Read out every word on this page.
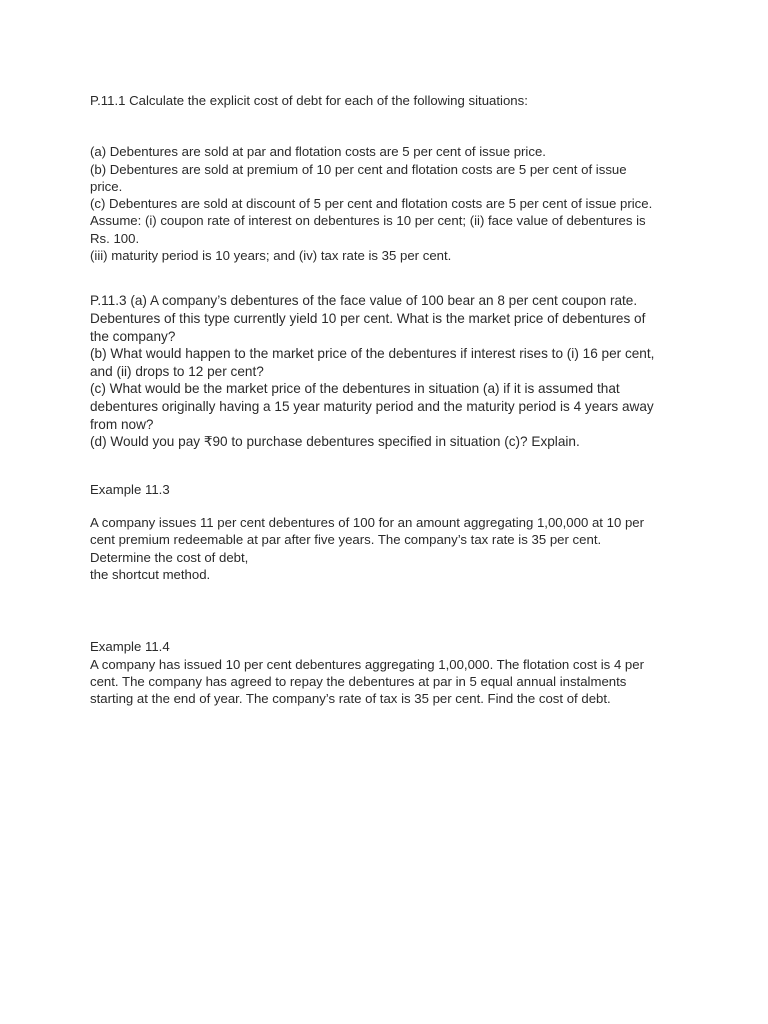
P.11.1 Calculate the explicit cost of debt for each of the following situations:
(a) Debentures are sold at par and flotation costs are 5 per cent of issue price.
(b) Debentures are sold at premium of 10 per cent and flotation costs are 5 per cent of issue
price.
(c) Debentures are sold at discount of 5 per cent and flotation costs are 5 per cent of issue price.
Assume: (i) coupon rate of interest on debentures is 10 per cent; (ii) face value of debentures is
Rs. 100.
(iii) maturity period is 10 years; and (iv) tax rate is 35 per cent.
P.11.3 (a) A company’s debentures of the face value of 100 bear an 8 per cent coupon rate.
Debentures of this type currently yield 10 per cent. What is the market price of debentures of
the company?
(b) What would happen to the market price of the debentures if interest rises to (i) 16 per cent,
and (ii) drops to 12 per cent?
(c) What would be the market price of the debentures in situation (a) if it is assumed that
debentures originally having a 15 year maturity period and the maturity period is 4 years away
from now?
(d) Would you pay ₹90 to purchase debentures specified in situation (c)? Explain.
Example 11.3
A company issues 11 per cent debentures of 100 for an amount aggregating 1,00,000 at 10 per
cent premium redeemable at par after five years. The company’s tax rate is 35 per cent.
Determine the cost of debt,
the shortcut method.
Example 11.4
A company has issued 10 per cent debentures aggregating 1,00,000. The flotation cost is 4 per
cent. The company has agreed to repay the debentures at par in 5 equal annual instalments
starting at the end of year. The company’s rate of tax is 35 per cent. Find the cost of debt.
